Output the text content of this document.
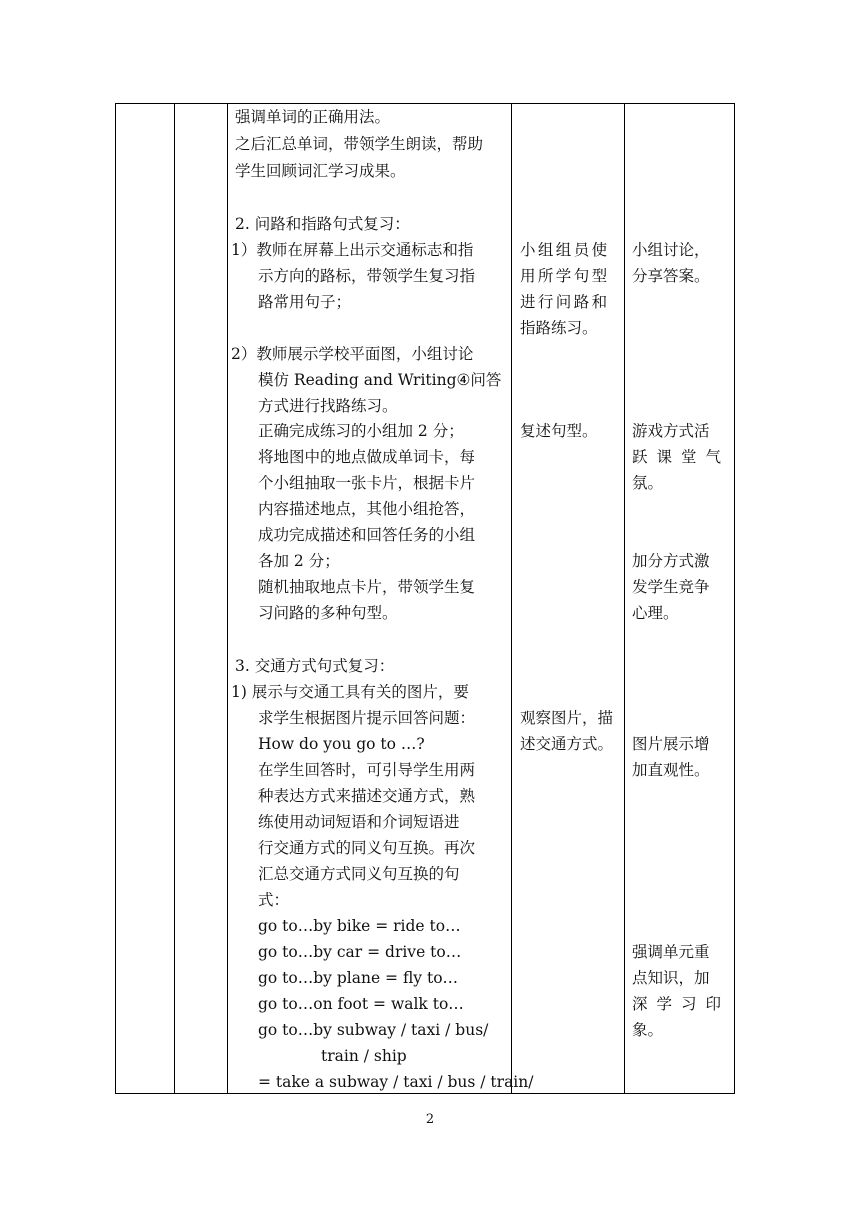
强调单词的正确用法。
之后汇总单词，带领学生朗读，帮助
学生回顾词汇学习成果。
2. 问路和指路句式复习：
1）教师在屏幕上出示交通标志和指
示方向的路标，带领学生复习指
路常用句子；
2）教师展示学校平面图，小组讨论
模仿 Reading and Writing④问答
方式进行找路练习。
正确完成练习的小组加 2 分；
将地图中的地点做成单词卡，每
个小组抽取一张卡片，根据卡片
内容描述地点，其他小组抢答，
成功完成描述和回答任务的小组
各加 2 分；
随机抽取地点卡片，带领学生复
习问路的多种句型。
3. 交通方式句式复习：
1) 展示与交通工具有关的图片，要
求学生根据图片提示回答问题：
How do you go to …?
在学生回答时，可引导学生用两
种表达方式来描述交通方式，熟
练使用动词短语和介词短语进
行交通方式的同义句互换。再次
汇总交通方式同义句互换的句
式：
go to…by bike = ride to…
go to…by car = drive to…
go to…by plane = fly to…
go to…on foot = walk to…
go to…by subway / taxi / bus/
train / ship
= take a subway / taxi / bus / train/
小组组员使
用所学句型
进行问路和
指路练习。
复述句型。
观察图片，描
述交通方式。
小组讨论，
分享答案。
游戏方式活
跃课堂气
氛。
加分方式激
发学生竞争
心理。
图片展示增
加直观性。
强调单元重
点知识，加
深学习印
象。
2
